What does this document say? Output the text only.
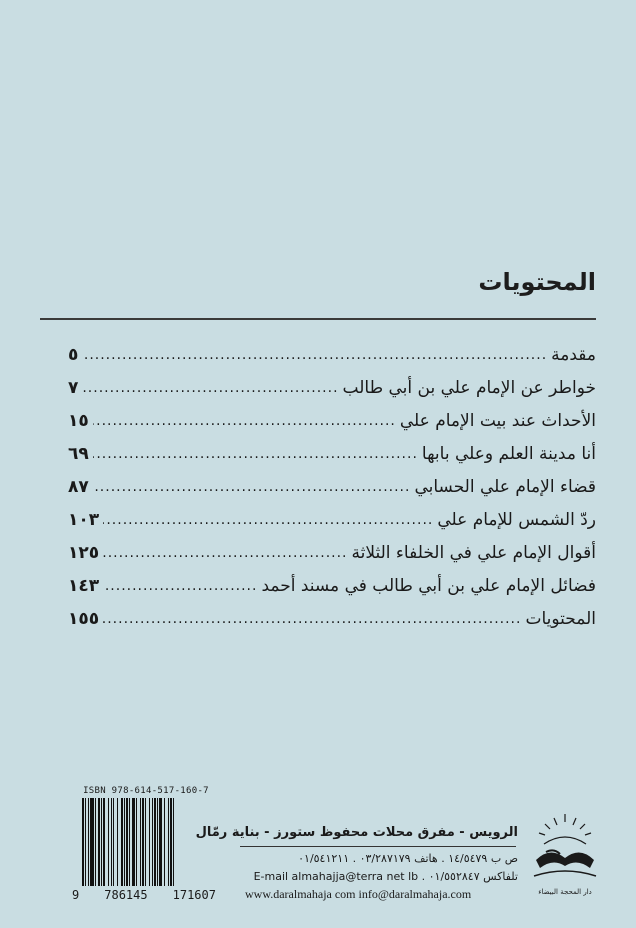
المحتويات
مقدمة
.....
٥
خواطر عن الإمام علي بن أبي طالب
.....
٧
الأحداث عند بيت الإمام علي
.....
١٥
أنا مدينة العلم وعلي بابها
.....
٦٩
قضاء الإمام علي الحسابي
.....
٨٧
ردّ الشمس للإمام علي
.....
١٠٣
أقوال الإمام علي في الخلفاء الثلاثة
.....
١٢٥
فضائل الإمام علي بن أبي طالب في مسند أحمد
.....
١٤٣
المحتويات
.....
١٥٥
ISBN 978-614-517-160-7
9 786145 171607
الرويس - مفرق محلات محفوظ ستورز - بناية رمّال
ص ب ١٤/٥٤٧٩ . هاتف ٠٣/٢٨٧١٧٩ . ٠١/٥٤١٢١١
تلفاكس ٠١/٥٥٢٨٤٧ . E-mail almahajja@terra net lb
www.daralmahaja com info@daralmahaja.com	دار المحجة البيضاء
